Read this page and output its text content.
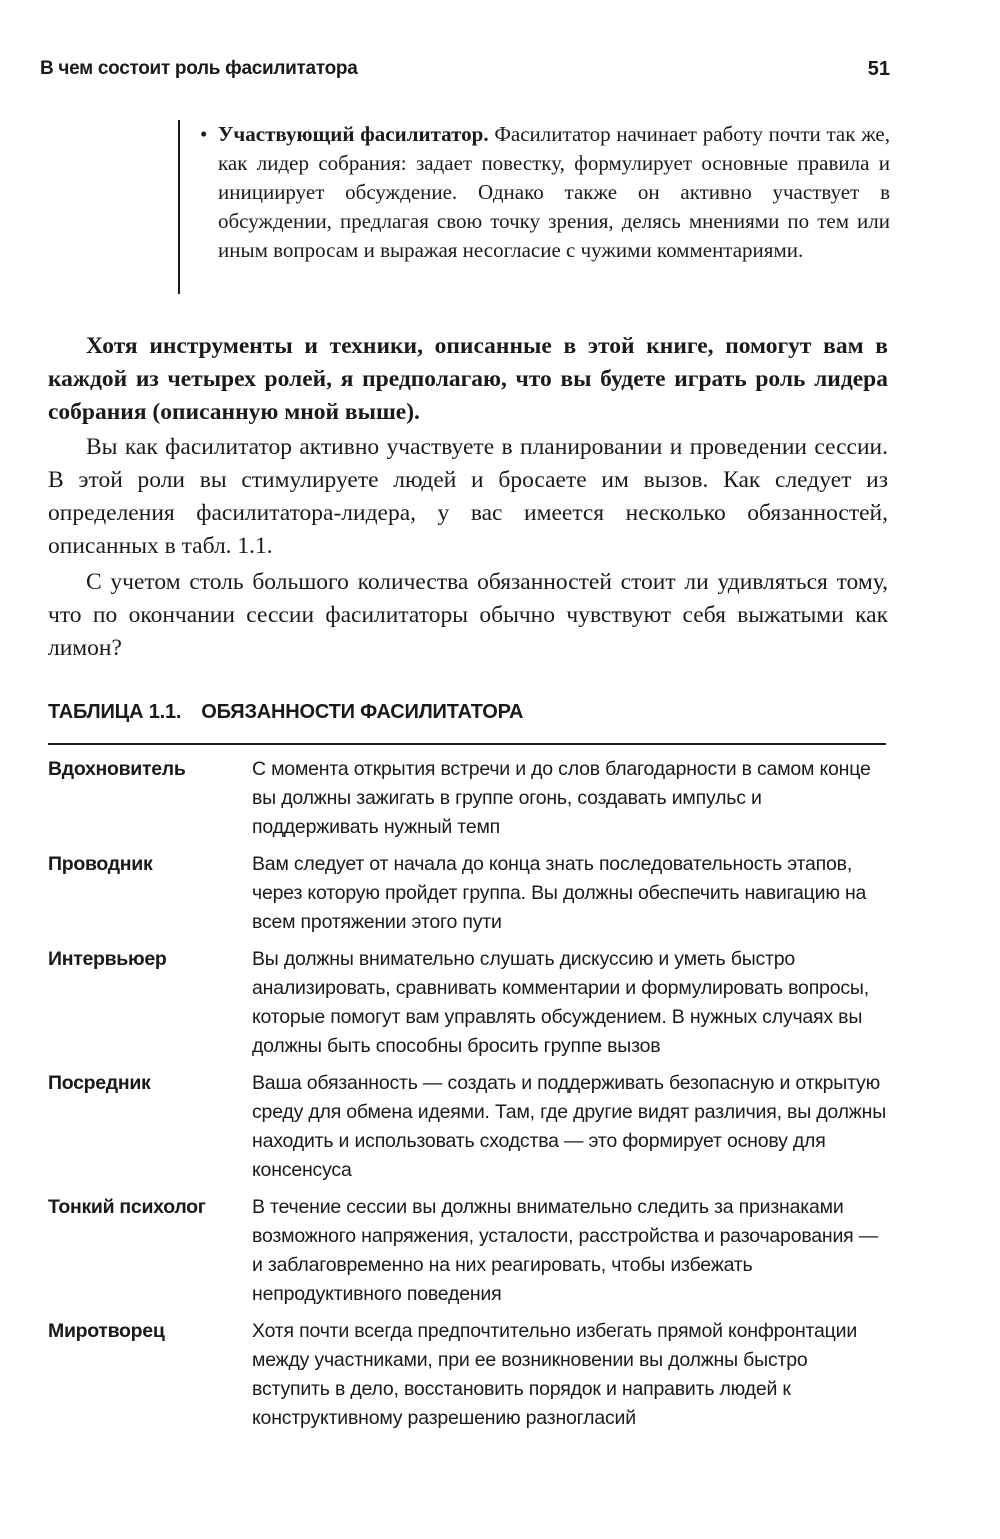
В чем состоит роль фасилитатора	51

• Участвующий фасилитатор. Фасилитатор начинает работу почти так же, как лидер собрания: задает повестку, формулирует основные правила и инициирует обсуждение. Однако также он активно участвует в обсуждении, предлагая свою точку зрения, делясь мнениями по тем или иным вопросам и выражая несогласие с чужими комментариями.

Хотя инструменты и техники, описанные в этой книге, помогут вам в каждой из четырех ролей, я предполагаю, что вы будете играть роль лидера собрания (описанную мной выше).

Вы как фасилитатор активно участвуете в планировании и проведении сессии. В этой роли вы стимулируете людей и бросаете им вызов. Как следует из определения фасилитатора-лидера, у вас имеется несколько обязанностей, описанных в табл. 1.1.

С учетом столь большого количества обязанностей стоит ли удивляться тому, что по окончании сессии фасилитаторы обычно чувствуют себя выжатыми как лимон?

ТАБЛИЦА 1.1. ОБЯЗАННОСТИ ФАСИЛИТАТОРА
Вдохновитель	С момента открытия встречи и до слов благодарности в самом конце вы должны зажигать в группе огонь, создавать импульс и поддерживать нужный темп
Проводник	Вам следует от начала до конца знать последовательность этапов, через которую пройдет группа. Вы должны обеспечить навигацию на всем протяжении этого пути
Интервьюер	Вы должны внимательно слушать дискуссию и уметь быстро анализировать, сравнивать комментарии и формулировать вопросы, которые помогут вам управлять обсуждением. В нужных случаях вы должны быть способны бросить группе вызов
Посредник	Ваша обязанность — создать и поддерживать безопасную и открытую среду для обмена идеями. Там, где другие видят различия, вы должны находить и использовать сходства — это формирует основу для консенсуса
Тонкий психолог	В течение сессии вы должны внимательно следить за признаками возможного напряжения, усталости, расстройства и разочарования — и заблаговременно на них реагировать, чтобы избежать непродуктивного поведения
Миротворец	Хотя почти всегда предпочтительно избегать прямой конфронтации между участниками, при ее возникновении вы должны быстро вступить в дело, восстановить порядок и направить людей к конструктивному разрешению разногласий
